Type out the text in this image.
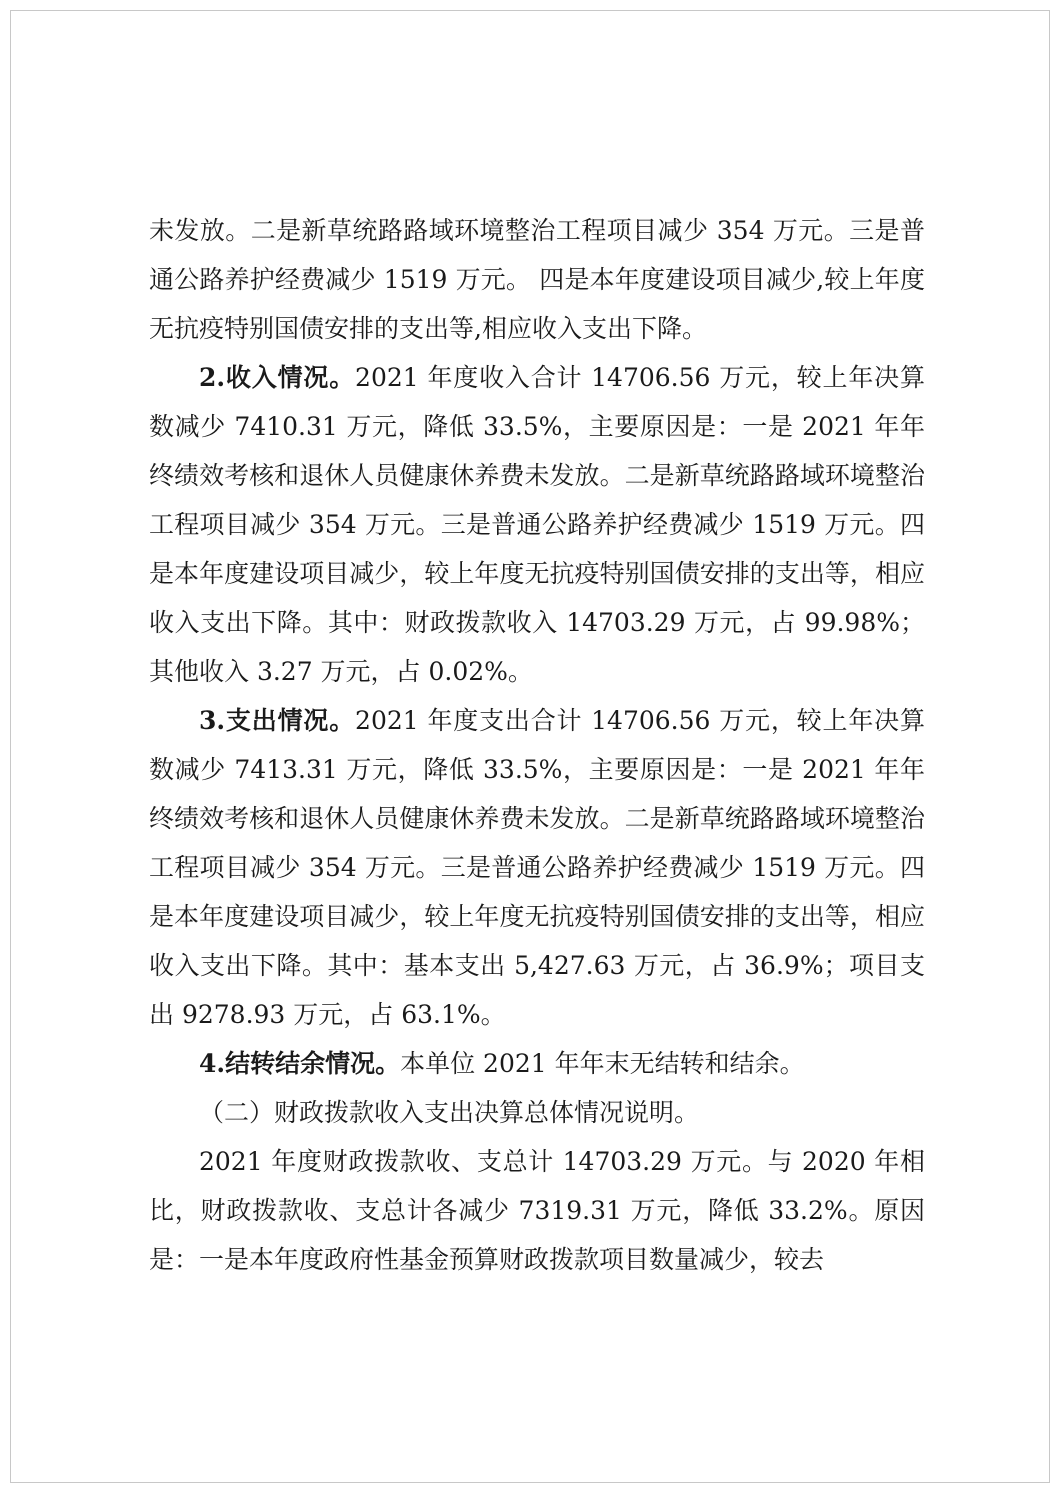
未发放。二是新草统路路域环境整治工程项目减少 354 万元。三是普通公路养护经费减少 1519 万元。 四是本年度建设项目减少,较上年度无抗疫特别国债安排的支出等,相应收入支出下降。

2.收入情况。2021 年度收入合计 14706.56 万元，较上年决算数减少 7410.31 万元，降低 33.5%，主要原因是：一是 2021 年年终绩效考核和退休人员健康休养费未发放。二是新草统路路域环境整治工程项目减少 354 万元。三是普通公路养护经费减少 1519 万元。四是本年度建设项目减少，较上年度无抗疫特别国债安排的支出等，相应收入支出下降。其中：财政拨款收入 14703.29 万元，占 99.98%；其他收入 3.27 万元，占 0.02%。

3.支出情况。2021 年度支出合计 14706.56 万元，较上年决算数减少 7413.31 万元，降低 33.5%，主要原因是：一是 2021 年年终绩效考核和退休人员健康休养费未发放。二是新草统路路域环境整治工程项目减少 354 万元。三是普通公路养护经费减少 1519 万元。四是本年度建设项目减少，较上年度无抗疫特别国债安排的支出等，相应收入支出下降。其中：基本支出 5,427.63 万元，占 36.9%；项目支出 9278.93 万元，占 63.1%。

4.结转结余情况。本单位 2021 年年末无结转和结余。

（二）财政拨款收入支出决算总体情况说明。

2021 年度财政拨款收、支总计 14703.29 万元。与 2020 年相比，财政拨款收、支总计各减少 7319.31 万元，降低 33.2%。原因是：一是本年度政府性基金预算财政拨款项目数量减少，较去
